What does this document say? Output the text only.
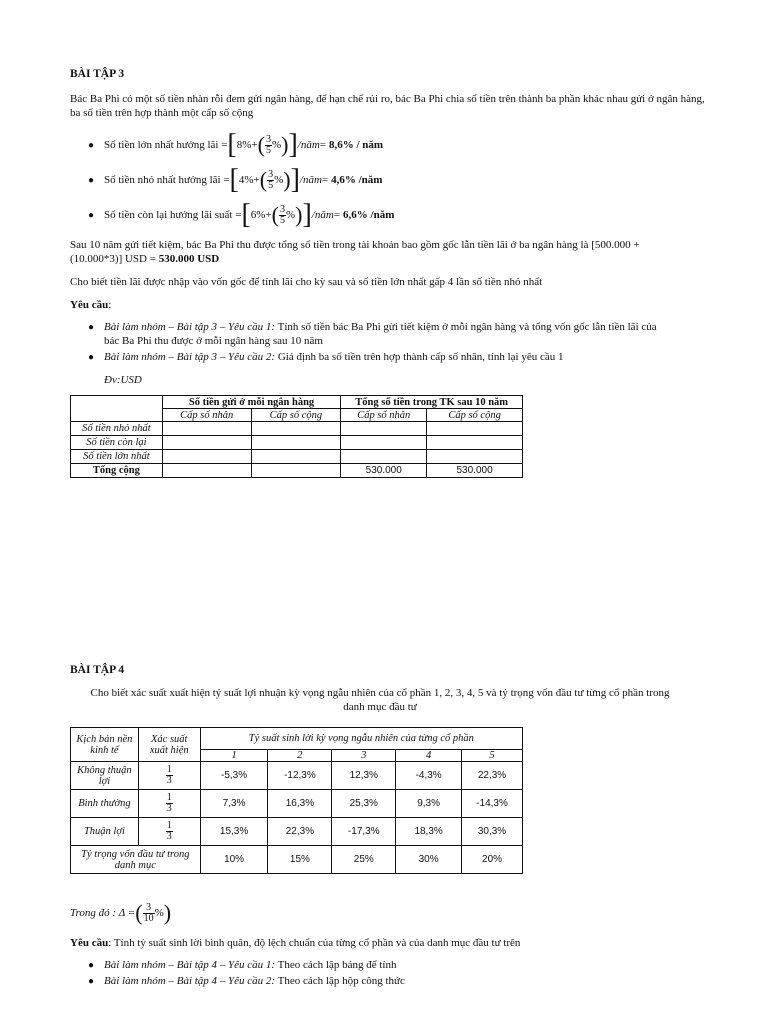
BÀI TẬP 3
Bác Ba Phi có một số tiền nhàn rỗi đem gửi ngân hàng, để hạn chế rủi ro, bác Ba Phi chia số tiền trên thành ba phần khác nhau gửi ở ngân hàng, ba số tiền trên hợp thành một cấp số cộng
● Số tiền lớn nhất hưởng lãi = [ 8%+ ( $\frac{3}{5}$ % ) ] /năm = 8,6% / năm
● Số tiền nhỏ nhất hưởng lãi = [ 4%+ ( $\frac{3}{5}$ % ) ] /năm = 4,6% /năm
● Số tiền còn lại hưởng lãi suất = [ 6%+ ( $\frac{3}{5}$ % ) ] /năm = 6,6% /năm
Sau 10 năm gửi tiết kiệm, bác Ba Phi thu được tổng số tiền trong tài khoản bao gồm gốc lẫn tiền lãi ở ba ngân hàng là [500.000 +
(10.000*3)] USD = 530.000 USD
Cho biết tiền lãi được nhập vào vốn gốc để tính lãi cho kỳ sau và số tiền lớn nhất gấp 4 lần số tiền nhỏ nhất
Yêu cầu:
● Bài làm nhóm – Bài tập 3 – Yêu cầu 1: Tính số tiền bác Ba Phi gửi tiết kiệm ở mỗi ngân hàng và tổng vốn gốc lẫn tiền lãi của
bác Ba Phi thu được ở mỗi ngân hàng sau 10 năm
● Bài làm nhóm – Bài tập 3 – Yêu cầu 2: Giả định ba số tiền trên hợp thành cấp số nhân, tính lại yêu cầu 1
Đv:USD
	Số tiền gửi ở mỗi ngân hàng		Tổng số tiền trong TK sau 10 năm	
	Cấp số nhân	Cấp số cộng	Cấp số nhân	Cấp số cộng
Số tiền nhỏ nhất				
Số tiền còn lại				
Số tiền lớn nhất				
Tổng cộng			530.000	530.000
BÀI TẬP 4
Cho biết xác suất xuất hiện tỷ suất lợi nhuận kỳ vọng ngẫu nhiên của cổ phần 1, 2, 3, 4, 5 và tỷ trọng vốn đầu tư từng cổ phần trong
danh mục đầu tư
Kịch bản nền kinh tế	Xác suất xuất hiện	Tỷ suất sinh lời kỳ vọng ngẫu nhiên của từng cổ phần				
		1	2	3	4	5
Không thuận lợi	$\frac{1}{3}$	-5,3%	-12,3%	12,3%	-4,3%	22,3%
Bình thường	$\frac{1}{3}$	7,3%	16,3%	25,3%	9,3%	-14,3%
Thuận lợi	$\frac{1}{3}$	15,3%	22,3%	-17,3%	18,3%	30,3%
Tỷ trọng vốn đầu tư trong danh mục		10%	15%	25%	30%	20%
Trong đó : Δ = ( $\frac{3}{10}$ % )
Yêu cầu: Tính tỷ suất sinh lời bình quân, độ lệch chuẩn của từng cổ phần và của danh mục đầu tư trên
● Bài làm nhóm – Bài tập 4 – Yêu cầu 1: Theo cách lập bảng để tính
● Bài làm nhóm – Bài tập 4 – Yêu cầu 2: Theo cách lập hộp công thức
